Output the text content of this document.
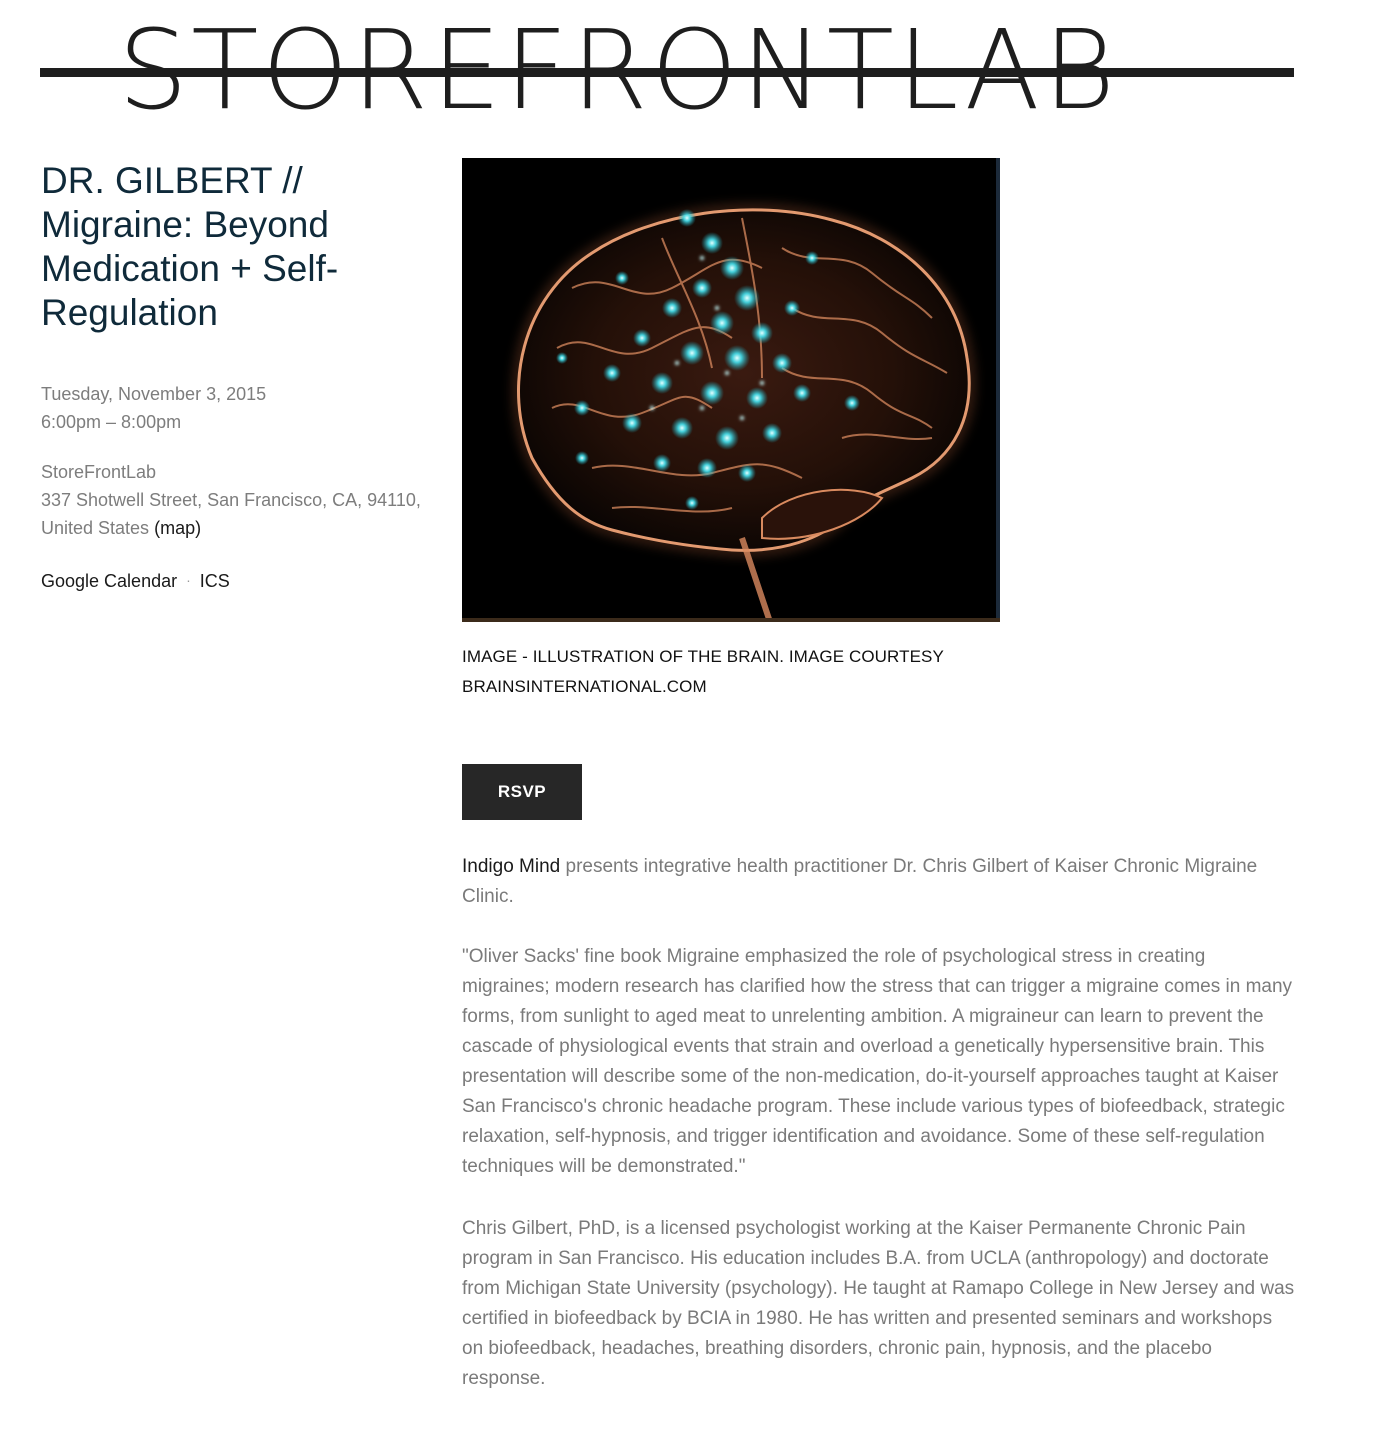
STOREFRONTLAB
DR. GILBERT // Migraine: Beyond Medication + Self-Regulation
Tuesday, November 3, 2015
6:00pm – 8:00pm
StoreFrontLab
337 Shotwell Street, San Francisco, CA, 94110,
United States (map)
Google Calendar · ICS
IMAGE - ILLUSTRATION OF THE BRAIN. IMAGE COURTESY BRAINSINTERNATIONAL.COM
RSVP

Indigo Mind presents integrative health practitioner Dr. Chris Gilbert of Kaiser Chronic Migraine Clinic.

"Oliver Sacks' fine book Migraine emphasized the role of psychological stress in creating migraines; modern research has clarified how the stress that can trigger a migraine comes in many forms, from sunlight to aged meat to unrelenting ambition. A migraineur can learn to prevent the cascade of physiological events that strain and overload a genetically hypersensitive brain. This presentation will describe some of the non-medication, do-it-yourself approaches taught at Kaiser San Francisco's chronic headache program. These include various types of biofeedback, strategic relaxation, self-hypnosis, and trigger identification and avoidance. Some of these self-regulation techniques will be demonstrated."

Chris Gilbert, PhD, is a licensed psychologist working at the Kaiser Permanente Chronic Pain program in San Francisco. His education includes B.A. from UCLA (anthropology) and doctorate from Michigan State University (psychology). He taught at Ramapo College in New Jersey and was certified in biofeedback by BCIA in 1980. He has written and presented seminars and workshops on biofeedback, headaches, breathing disorders, chronic pain, hypnosis, and the placebo response.
